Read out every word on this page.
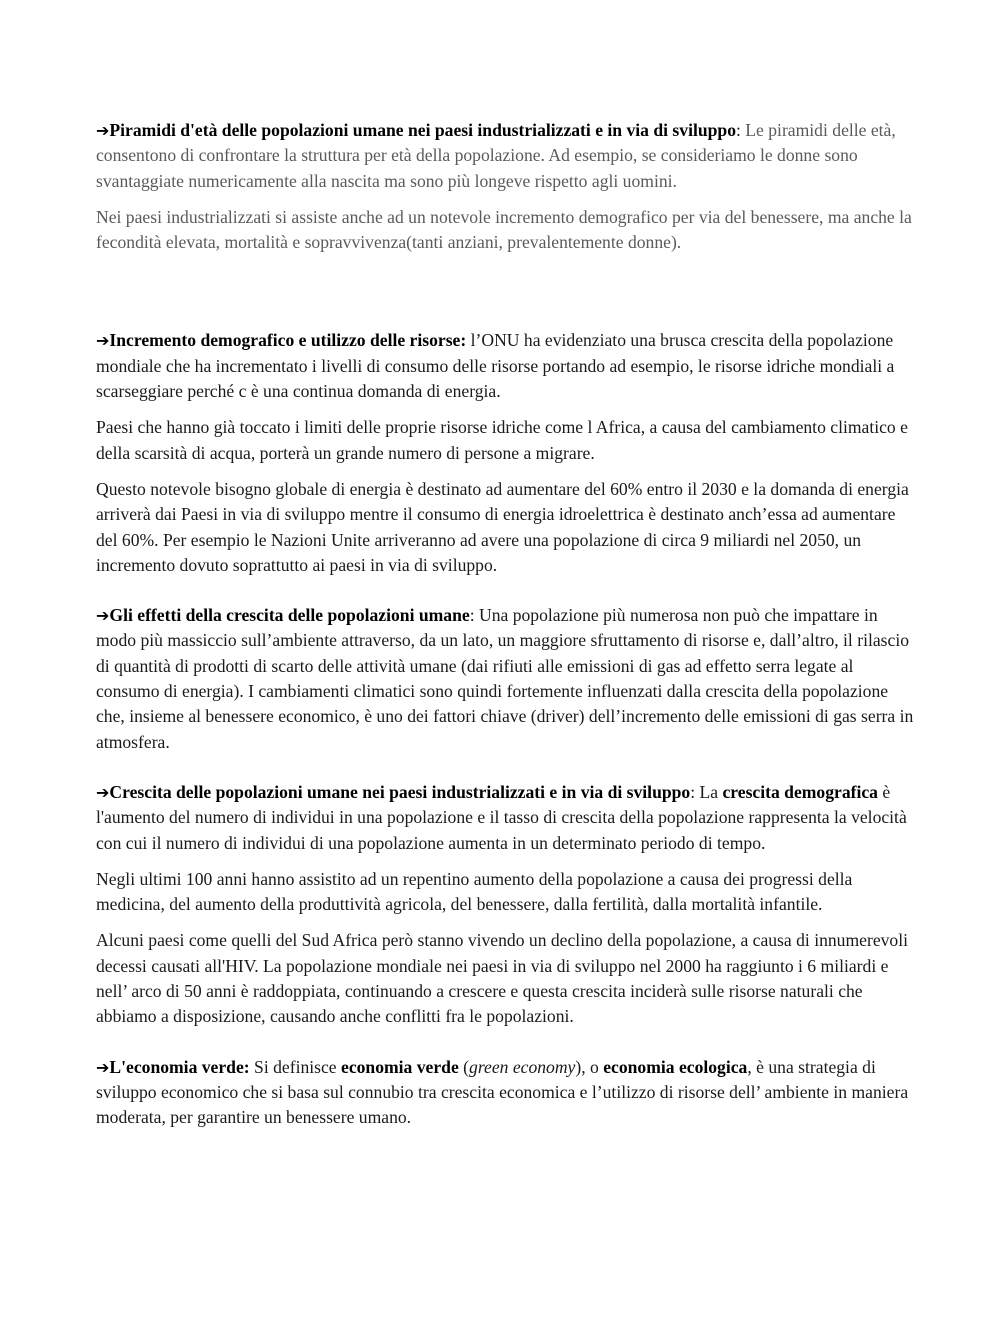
➔Piramidi d'età delle popolazioni umane nei paesi industrializzati e in via di sviluppo: Le piramidi delle età, consentono di confrontare la struttura per età della popolazione. Ad esempio, se consideriamo le donne sono svantaggiate numericamente alla nascita ma sono più longeve rispetto agli uomini.

Nei paesi industrializzati si assiste anche ad un notevole incremento demografico per via del benessere, ma anche la fecondità elevata, mortalità e sopravvivenza(tanti anziani, prevalentemente donne).

➔Incremento demografico e utilizzo delle risorse: l’ONU ha evidenziato una brusca crescita della popolazione mondiale che ha incrementato i livelli di consumo delle risorse portando ad esempio, le risorse idriche mondiali a scarseggiare perché c è una continua domanda di energia.

Paesi che hanno già toccato i limiti delle proprie risorse idriche come l Africa, a causa del cambiamento climatico e della scarsità di acqua, porterà un grande numero di persone a migrare.

Questo notevole bisogno globale di energia è destinato ad aumentare del 60% entro il 2030 e la domanda di energia arriverà dai Paesi in via di sviluppo mentre il consumo di energia idroelettrica è destinato anch’essa ad aumentare del 60%. Per esempio le Nazioni Unite arriveranno ad avere una popolazione di circa 9 miliardi nel 2050, un incremento dovuto soprattutto ai paesi in via di sviluppo.

➔Gli effetti della crescita delle popolazioni umane: Una popolazione più numerosa non può che impattare in modo più massiccio sull’ambiente attraverso, da un lato, un maggiore sfruttamento di risorse e, dall’altro, il rilascio di quantità di prodotti di scarto delle attività umane (dai rifiuti alle emissioni di gas ad effetto serra legate al consumo di energia). I cambiamenti climatici sono quindi fortemente influenzati dalla crescita della popolazione che, insieme al benessere economico, è uno dei fattori chiave (driver) dell’incremento delle emissioni di gas serra in atmosfera.

➔Crescita delle popolazioni umane nei paesi industrializzati e in via di sviluppo: La crescita demografica è l'aumento del numero di individui in una popolazione e il tasso di crescita della popolazione rappresenta la velocità con cui il numero di individui di una popolazione aumenta in un determinato periodo di tempo.

Negli ultimi 100 anni hanno assistito ad un repentino aumento della popolazione a causa dei progressi della medicina, del aumento della produttività agricola, del benessere, dalla fertilità, dalla mortalità infantile.

Alcuni paesi come quelli del Sud Africa però stanno vivendo un declino della popolazione, a causa di innumerevoli decessi causati all'HIV. La popolazione mondiale nei paesi in via di sviluppo nel 2000 ha raggiunto i 6 miliardi e nell’ arco di 50 anni è raddoppiata, continuando a crescere e questa crescita inciderà sulle risorse naturali che abbiamo a disposizione, causando anche conflitti fra le popolazioni.

➔L'economia verde: Si definisce economia verde (green economy), o economia ecologica, è una strategia di sviluppo economico che si basa sul connubio tra crescita economica e l’utilizzo di risorse dell’ ambiente in maniera moderata, per garantire un benessere umano.
